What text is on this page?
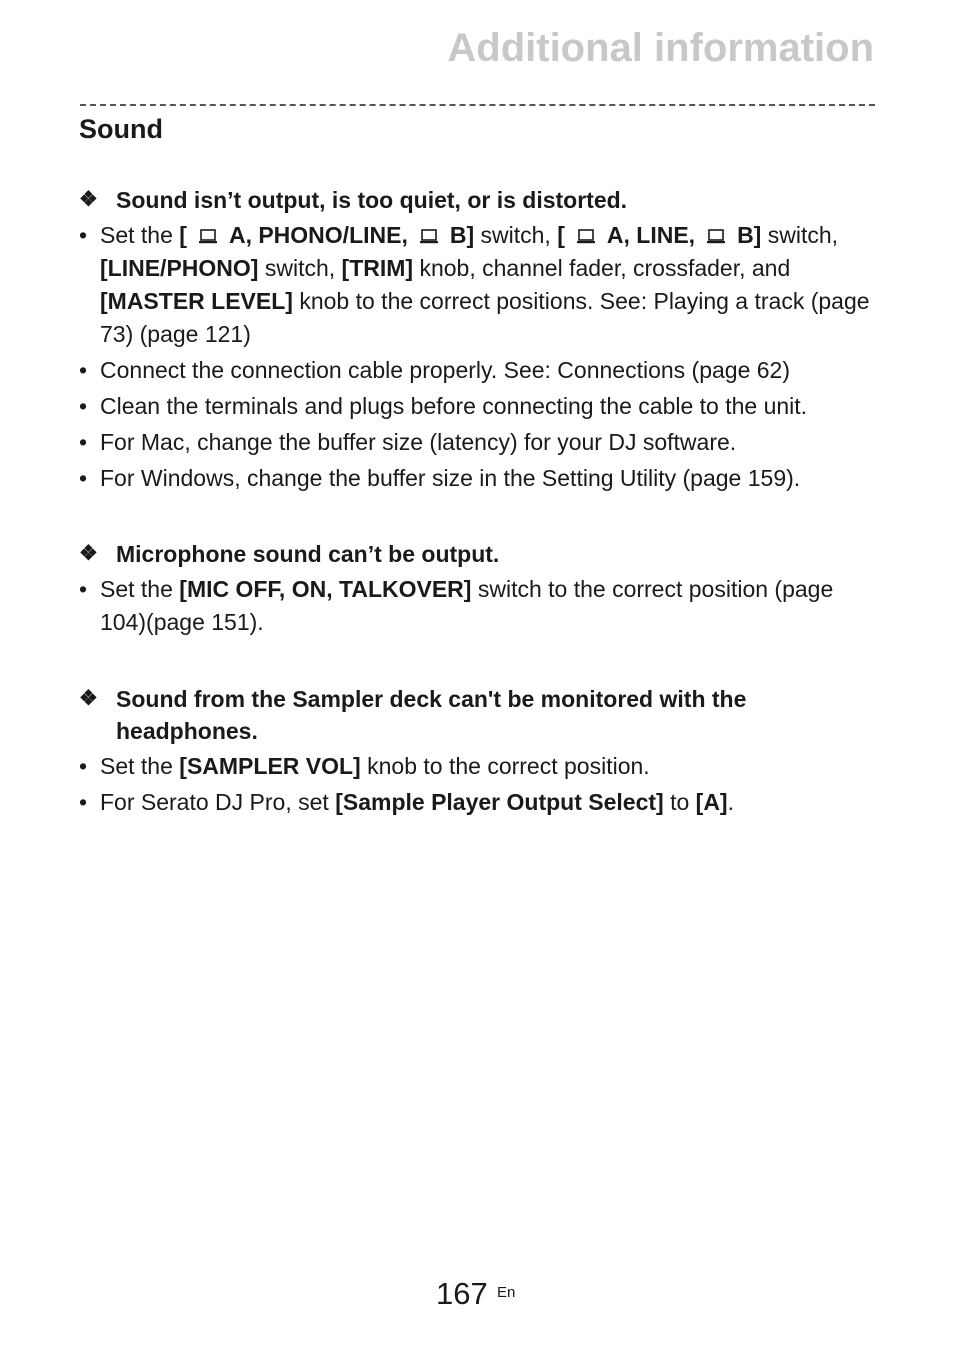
Additional information
Sound
❖ Sound isn’t output, is too quiet, or is distorted.
• Set the [ A, PHONO/LINE, B] switch, [ A, LINE, B] switch, [LINE/PHONO] switch, [TRIM] knob, channel fader, crossfader, and [MASTER LEVEL] knob to the correct positions. See: Playing a track (page 73) (page 121)
• Connect the connection cable properly. See: Connections (page 62)
• Clean the terminals and plugs before connecting the cable to the unit.
• For Mac, change the buffer size (latency) for your DJ software.
• For Windows, change the buffer size in the Setting Utility (page 159).
❖ Microphone sound can’t be output.
• Set the [MIC OFF, ON, TALKOVER] switch to the correct position (page 104)(page 151).
❖ Sound from the Sampler deck can't be monitored with the headphones.
• Set the [SAMPLER VOL] knob to the correct position.
• For Serato DJ Pro, set [Sample Player Output Select] to [A].
167 En
